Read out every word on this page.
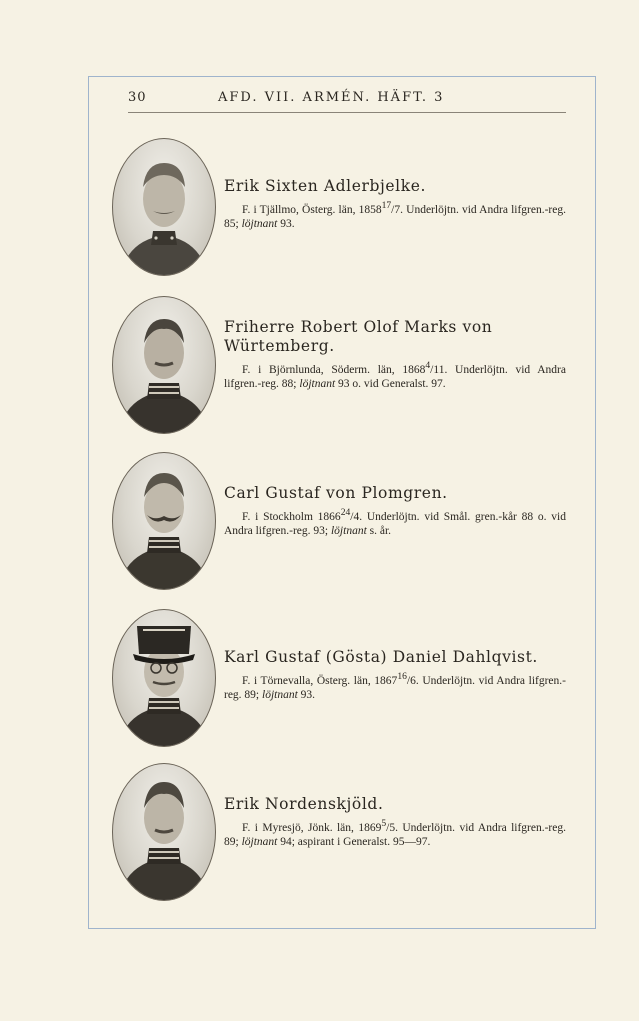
30	AFD. VII. ARMÉN. HÄFT. 3
Erik Sixten Adlerbjelke.

F. i Tjällmo, Österg. län, 1858$^{17}$/7. Underlöjtn. vid Andra lifgren.-reg. 85; löjtnant 93.

Friherre Robert Olof Marks von Würtemberg.

F. i Björnlunda, Söderm. län, 1868$^4$/11. Underlöjtn. vid Andra lifgren.-reg. 88; löjtnant 93 o. vid Generalst. 97.

Carl Gustaf von Plomgren.

F. i Stockholm 1866$^{24}$/4. Underlöjtn. vid Smål. gren.-kår 88 o. vid Andra lifgren.-reg. 93; löjtnant s. år.

Karl Gustaf (Gösta) Daniel Dahlqvist.

F. i Törnevalla, Österg. län, 1867$^{16}$/6. Underlöjtn. vid Andra lifgren.-reg. 89; löjtnant 93.

Erik Nordenskjöld.

F. i Myresjö, Jönk. län, 1869$^5$/5. Underlöjtn. vid Andra lifgren.-reg. 89; löjtnant 94; aspirant i Generalst. 95—97.
